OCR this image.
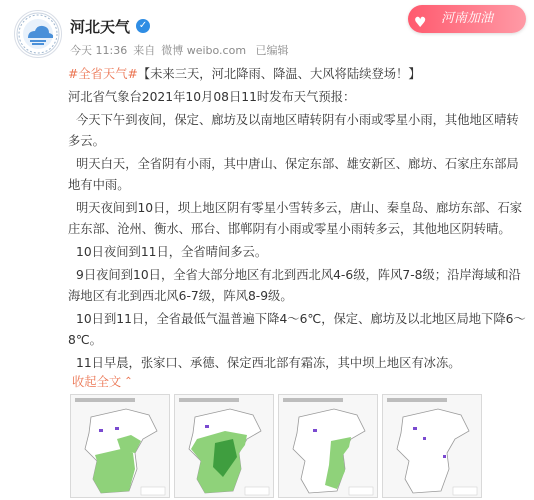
河北天气 ✓
今天 11:36 来自 微博 weibo.com 已编辑
♥ 河南加油

#全省天气#【未来三天，河北降雨、降温、大风将陆续登场！】

河北省气象台2021年10月08日11时发布天气预报：

今天下午到夜间，保定、廊坊及以南地区晴转阴有小雨或零星小雨，其他地区晴转多云。

明天白天，全省阴有小雨，其中唐山、保定东部、雄安新区、廊坊、石家庄东部局地有中雨。

明天夜间到10日，坝上地区阴有零星小雪转多云，唐山、秦皇岛、廊坊东部、石家庄东部、沧州、衡水、邢台、邯郸阴有小雨或零星小雨转多云，其他地区阴转晴。

10日夜间到11日，全省晴间多云。

9日夜间到10日，全省大部分地区有北到西北风4-6级，阵风7-8级；沿岸海域和沿海地区有北到西北风6-7级，阵风8-9级。

10日到11日，全省最低气温普遍下降4～6℃，保定、廊坊及以北地区局地下降6～8℃。

11日早晨，张家口、承德、保定西北部有霜冻，其中坝上地区有冰冻。

收起全文 ⌃
